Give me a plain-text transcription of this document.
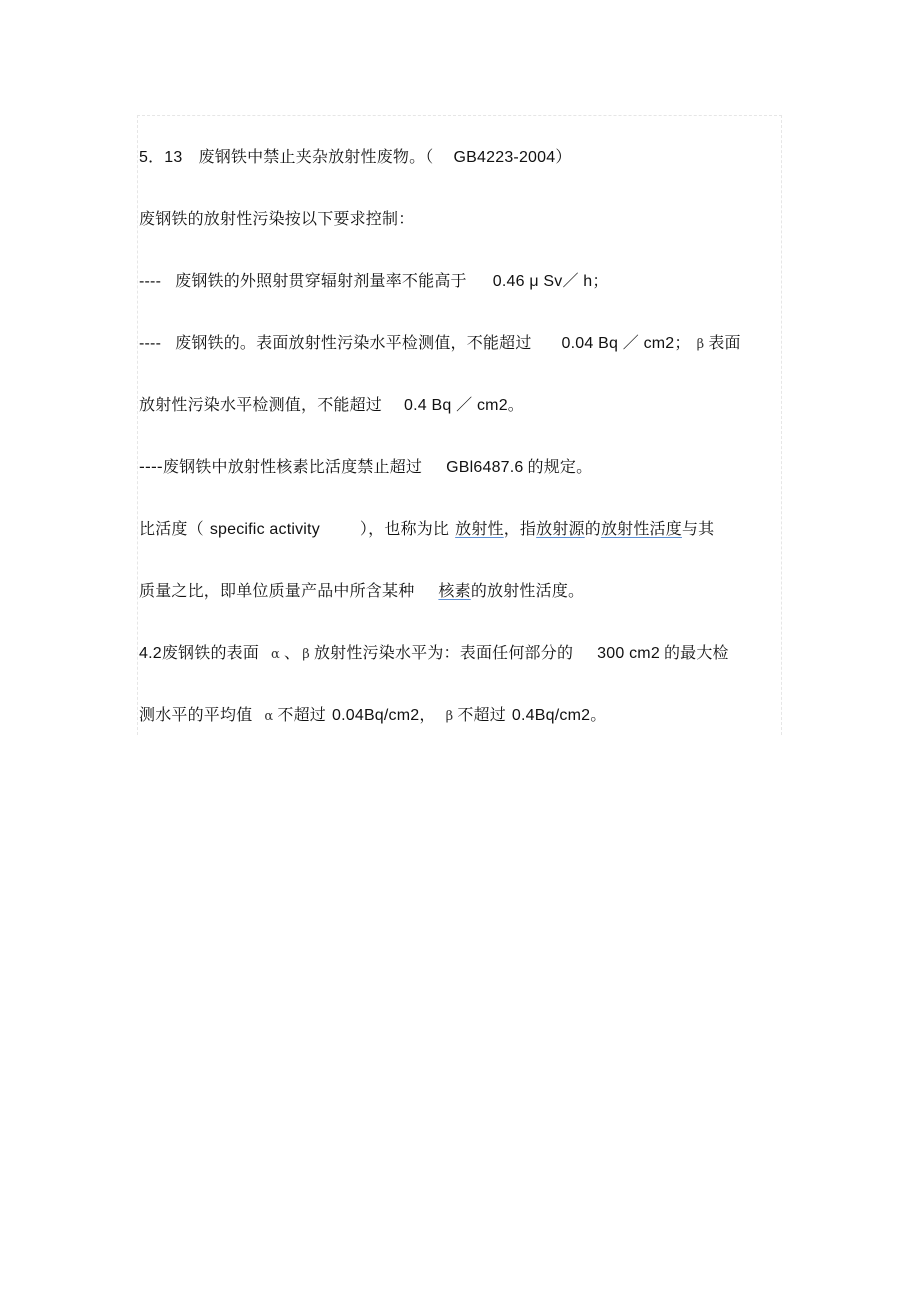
5．13 废钢铁中禁止夹杂放射性废物。（ GB4223-2004）
废钢铁的放射性污染按以下要求控制：
---- 废钢铁的外照射贯穿辐射剂量率不能高于 0.46 μ Sv／ h；
---- 废钢铁的。表面放射性污染水平检测值，不能超过 0.04 Bq ／ cm2； β 表面
放射性污染水平检测值，不能超过 0.4 Bq ／ cm2。
----废钢铁中放射性核素比活度禁止超过 GBl6487.6 的规定。
比活度（ specific activity	），也称为比 放射性，指放射源的放射性活度与其
质量之比，即单位质量产品中所含某种 核素的放射性活度。
4.2废钢铁的表面 α 、 β 放射性污染水平为：表面任何部分的 300 cm2 的最大检
测水平的平均值 α 不超过 0.04Bq/cm2， β 不超过 0.4Bq/cm2。
